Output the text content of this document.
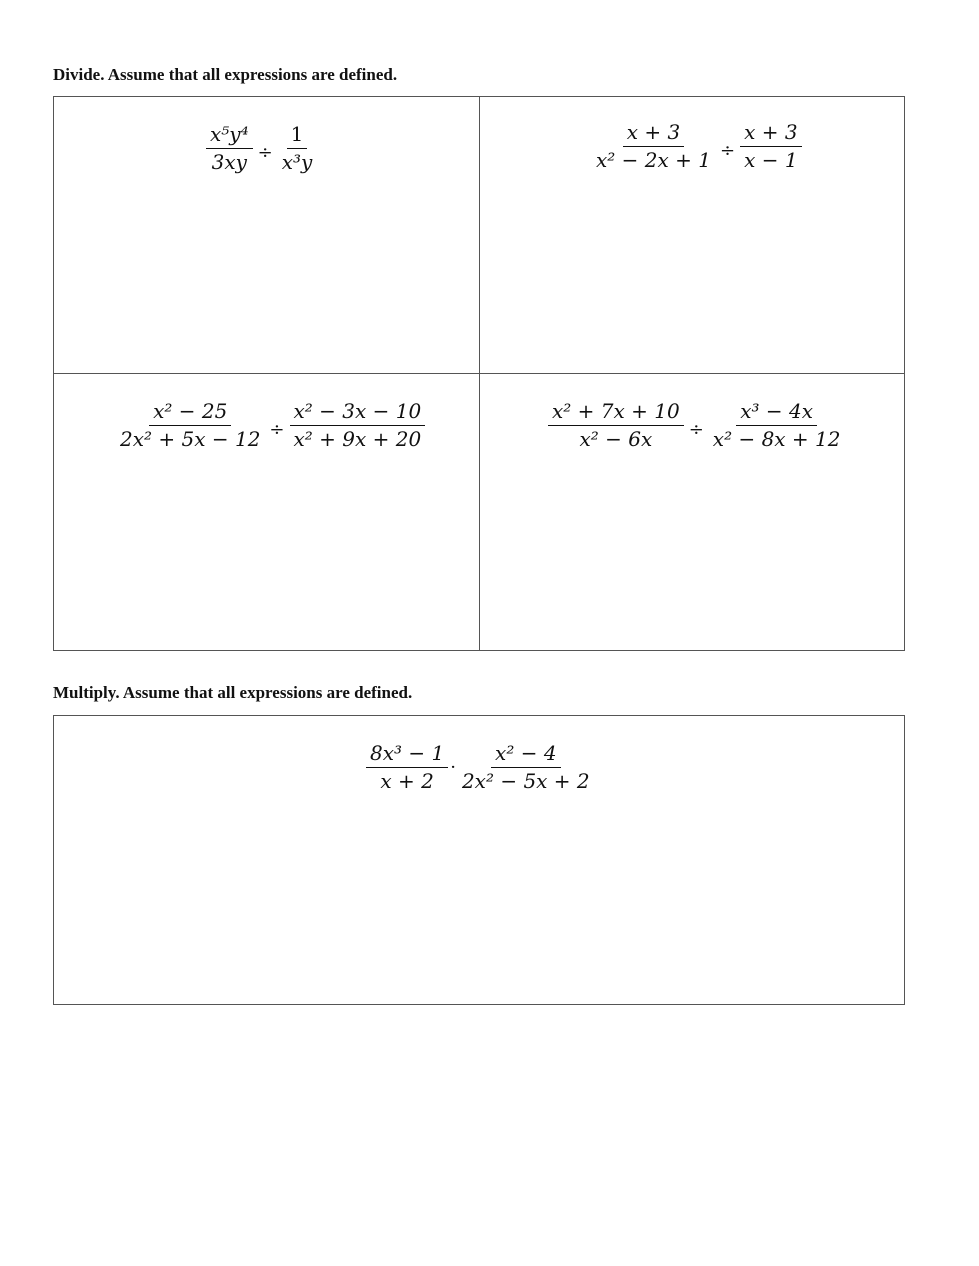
Divide. Assume that all expressions are defined.
$\frac{\text{x⁵y⁴}}{3xy} \div \frac{1}{\text{x³y}}$	$\frac{x + 3}{\text{x² − 2x + 1}} \div \frac{x + 3}{x - 1}$
$\frac{\text{x² − 25}}{\text{2x² + 5x − 12}} \div \frac{\text{x² − 3x − 10}}{\text{x² + 9x + 20}}$	$\frac{\text{x² + 7x + 10}}{\text{x² − 6x}} \div \frac{\text{x³ − 4x}}{\text{x² − 8x + 12}}$
Multiply. Assume that all expressions are defined.
$\frac{\text{8x³ − 1}}{x + 2} \cdot \frac{\text{x² − 4}}{\text{2x² − 5x + 2}}$
